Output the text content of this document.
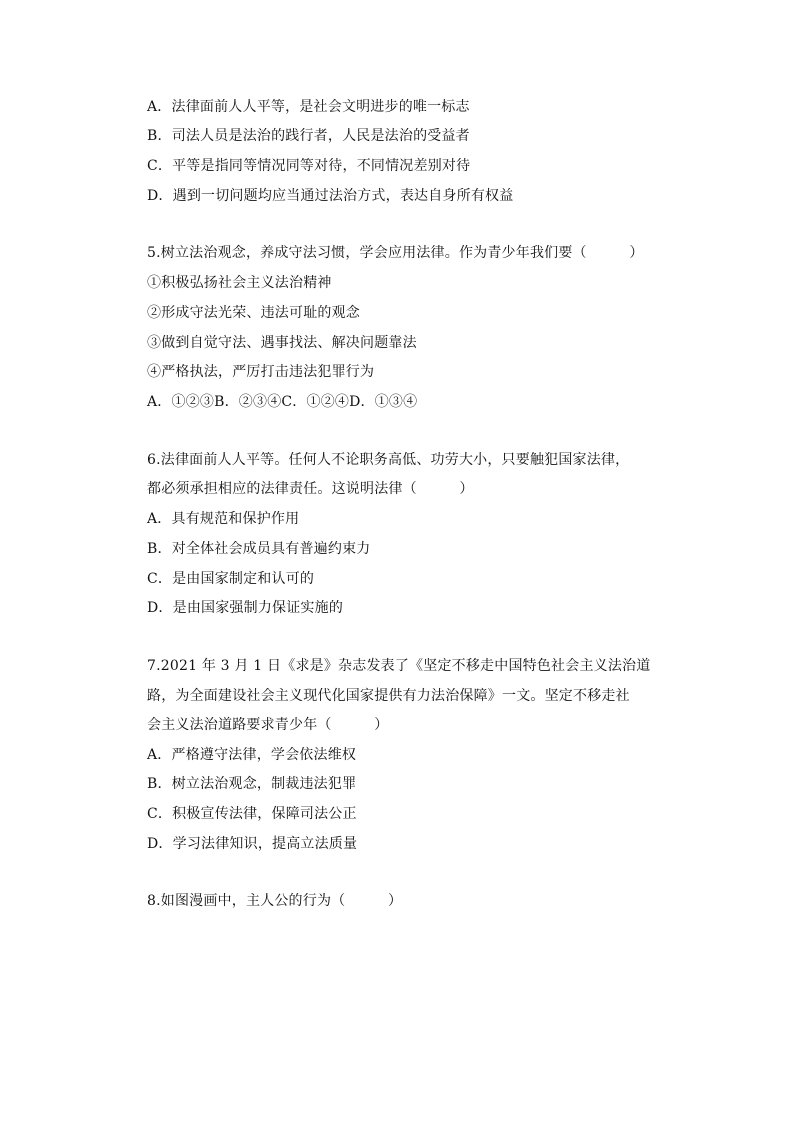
A．法律面前人人平等，是社会文明进步的唯一标志
B．司法人员是法治的践行者，人民是法治的受益者
C．平等是指同等情况同等对待，不同情况差别对待
D．遇到一切问题均应当通过法治方式，表达自身所有权益
5.树立法治观念，养成守法习惯，学会应用法律。作为青少年我们要（　　　）
①积极弘扬社会主义法治精神
②形成守法光荣、违法可耻的观念
③做到自觉守法、遇事找法、解决问题靠法
④严格执法，严厉打击违法犯罪行为
A．①②③B．②③④C．①②④D．①③④
6.法律面前人人平等。任何人不论职务高低、功劳大小，只要触犯国家法律，
都必须承担相应的法律责任。这说明法律（　　　）
A．具有规范和保护作用
B．对全体社会成员具有普遍约束力
C．是由国家制定和认可的
D．是由国家强制力保证实施的
7.2021 年 3 月 1 日《求是》杂志发表了《坚定不移走中国特色社会主义法治道
路，为全面建设社会主义现代化国家提供有力法治保障》一文。坚定不移走社
会主义法治道路要求青少年（　　　）
A．严格遵守法律，学会依法维权
B．树立法治观念，制裁违法犯罪
C．积极宣传法律，保障司法公正
D．学习法律知识，提高立法质量
8.如图漫画中，主人公的行为（　　　）
